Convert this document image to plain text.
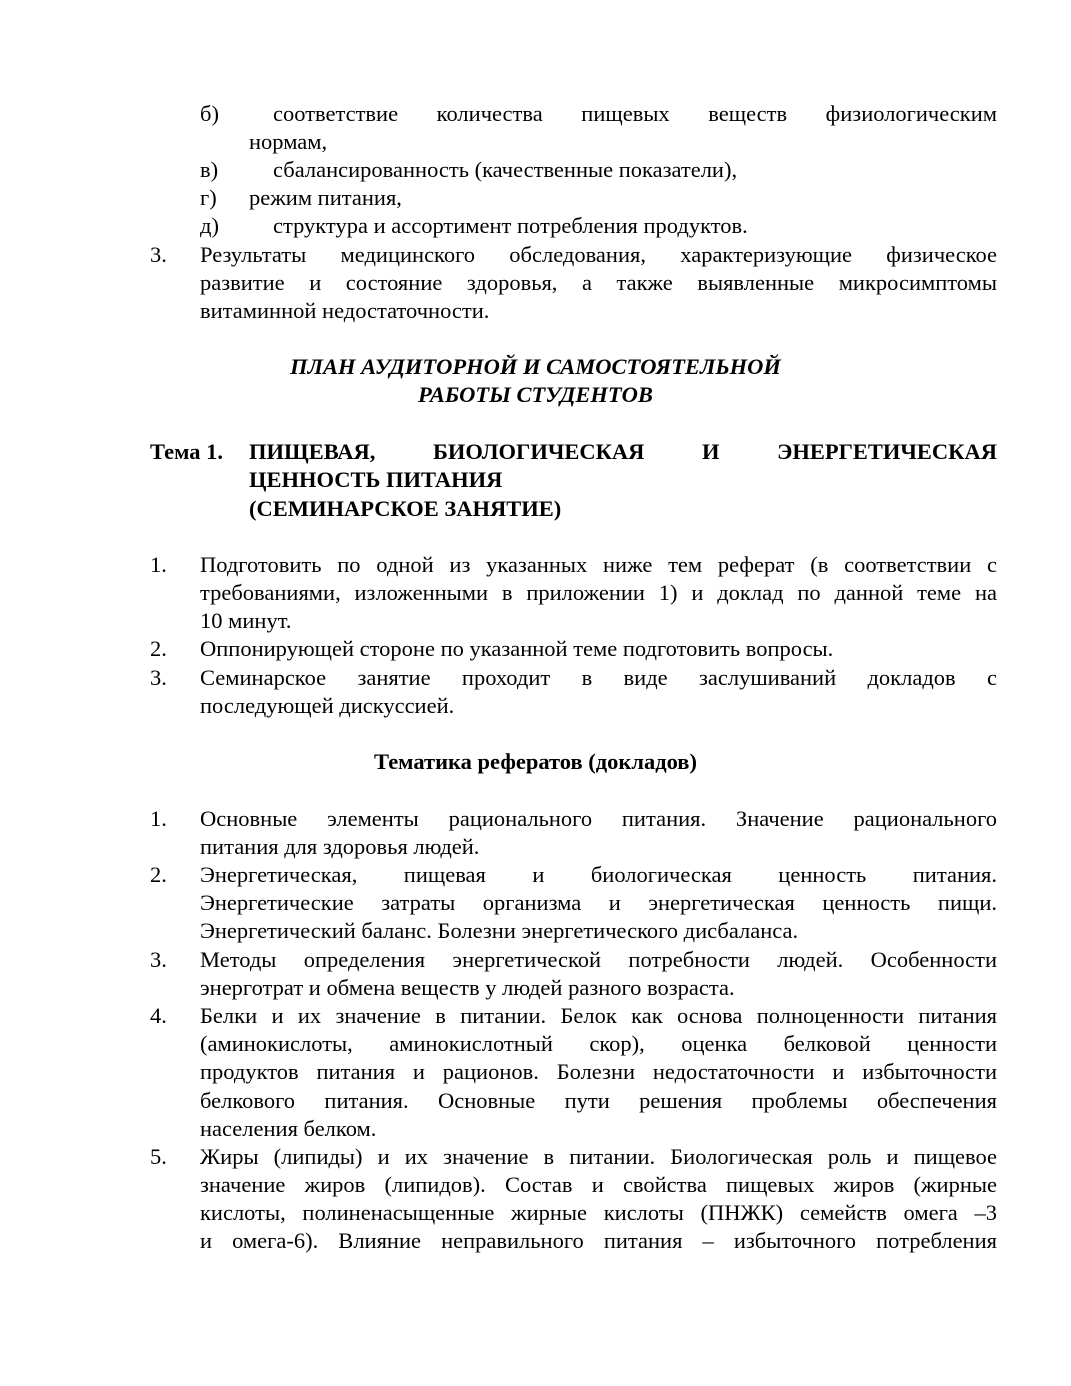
б) соответствие количества пищевых веществ физиологическим
нормам,
в) сбалансированность (качественные показатели),
г) режим питания,
д) структура и ассортимент потребления продуктов.
3. Результаты медицинского обследования, характеризующие физическое
развитие и состояние здоровья, а также выявленные микросимптомы
витаминной недостаточности.
ПЛАН АУДИТОРНОЙ И САМОСТОЯТЕЛЬНОЙ
РАБОТЫ СТУДЕНТОВ
Тема 1. ПИЩЕВАЯ, БИОЛОГИЧЕСКАЯ И ЭНЕРГЕТИЧЕСКАЯ
ЦЕННОСТЬ ПИТАНИЯ
(СЕМИНАРСКОЕ ЗАНЯТИЕ)
1. Подготовить по одной из указанных ниже тем реферат (в соответствии с
требованиями, изложенными в приложении 1) и доклад по данной теме на
10 минут.
2. Оппонирующей стороне по указанной теме подготовить вопросы.
3. Семинарское занятие проходит в виде заслушиваний докладов с
последующей дискуссией.
Тематика рефератов (докладов)
1. Основные элементы рационального питания. Значение рационального
питания для здоровья людей.
2. Энергетическая, пищевая и биологическая ценность питания.
Энергетические затраты организма и энергетическая ценность пищи.
Энергетический баланс. Болезни энергетического дисбаланса.
3. Методы определения энергетической потребности людей. Особенности
энерготрат и обмена веществ у людей разного возраста.
4. Белки и их значение в питании. Белок как основа полноценности питания
(аминокислоты, аминокислотный скор), оценка белковой ценности
продуктов питания и рационов. Болезни недостаточности и избыточности
белкового питания. Основные пути решения проблемы обеспечения
населения белком.
5. Жиры (липиды) и их значение в питании. Биологическая роль и пищевое
значение жиров (липидов). Состав и свойства пищевых жиров (жирные
кислоты, полиненасыщенные жирные кислоты (ПНЖК) семейств омега –3
и омега-6). Влияние неправильного питания – избыточного потребления
